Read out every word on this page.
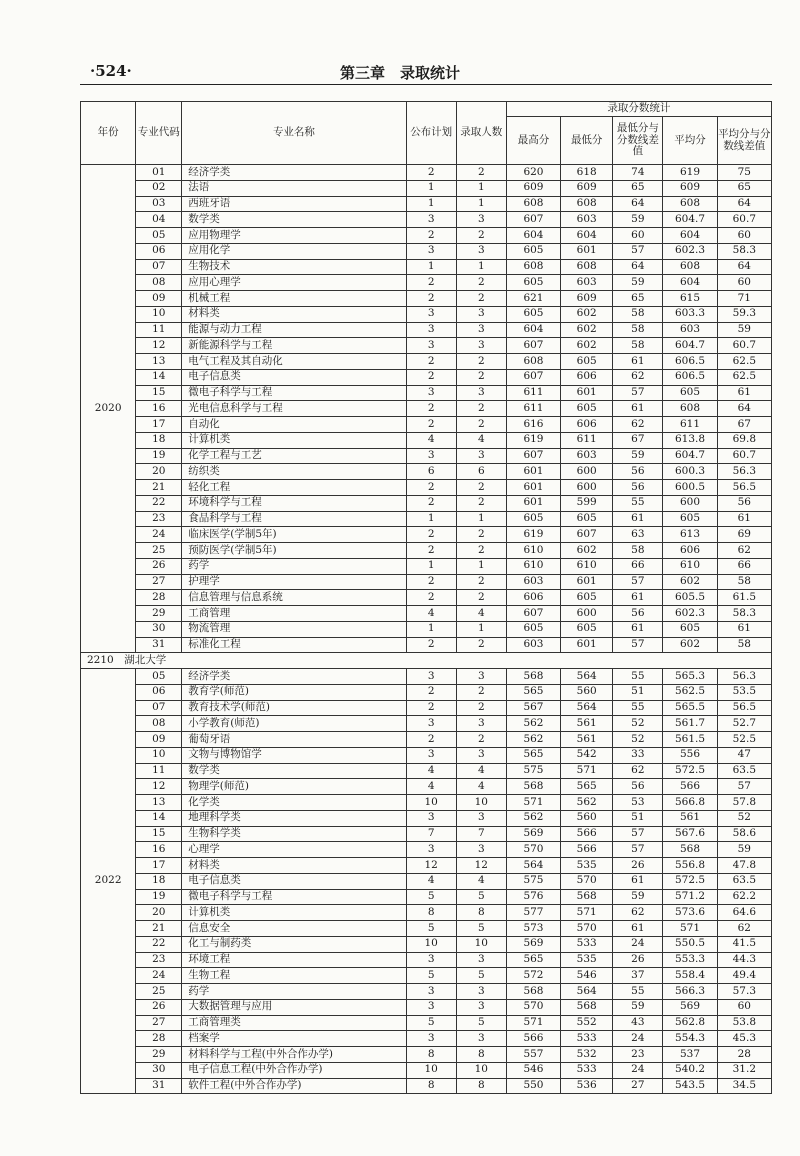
·524·	第三章　录取统计
年份	专业代码	专业名称	公布计划	录取人数	录取分数统计				
					最高分	最低分	最低分与分数线差值	平均分	平均分与分数线差值
2020	01	经济学类	2	2	620	618	74	619	75
	02	法语	1	1	609	609	65	609	65
	03	西班牙语	1	1	608	608	64	608	64
	04	数学类	3	3	607	603	59	604.7	60.7
	05	应用物理学	2	2	604	604	60	604	60
	06	应用化学	3	3	605	601	57	602.3	58.3
	07	生物技术	1	1	608	608	64	608	64
	08	应用心理学	2	2	605	603	59	604	60
	09	机械工程	2	2	621	609	65	615	71
	10	材料类	3	3	605	602	58	603.3	59.3
	11	能源与动力工程	3	3	604	602	58	603	59
	12	新能源科学与工程	3	3	607	602	58	604.7	60.7
	13	电气工程及其自动化	2	2	608	605	61	606.5	62.5
	14	电子信息类	2	2	607	606	62	606.5	62.5
	15	微电子科学与工程	3	3	611	601	57	605	61
	16	光电信息科学与工程	2	2	611	605	61	608	64
	17	自动化	2	2	616	606	62	611	67
	18	计算机类	4	4	619	611	67	613.8	69.8
	19	化学工程与工艺	3	3	607	603	59	604.7	60.7
	20	纺织类	6	6	601	600	56	600.3	56.3
	21	轻化工程	2	2	601	600	56	600.5	56.5
	22	环境科学与工程	2	2	601	599	55	600	56
	23	食品科学与工程	1	1	605	605	61	605	61
	24	临床医学(学制5年)	2	2	619	607	63	613	69
	25	预防医学(学制5年)	2	2	610	602	58	606	62
	26	药学	1	1	610	610	66	610	66
	27	护理学	2	2	603	601	57	602	58
	28	信息管理与信息系统	2	2	606	605	61	605.5	61.5
	29	工商管理	4	4	607	600	56	602.3	58.3
	30	物流管理	1	1	605	605	61	605	61
	31	标准化工程	2	2	603	601	57	602	58
2210　湖北大学									
2022	05	经济学类	3	3	568	564	55	565.3	56.3
	06	教育学(师范)	2	2	565	560	51	562.5	53.5
	07	教育技术学(师范)	2	2	567	564	55	565.5	56.5
	08	小学教育(师范)	3	3	562	561	52	561.7	52.7
	09	葡萄牙语	2	2	562	561	52	561.5	52.5
	10	文物与博物馆学	3	3	565	542	33	556	47
	11	数学类	4	4	575	571	62	572.5	63.5
	12	物理学(师范)	4	4	568	565	56	566	57
	13	化学类	10	10	571	562	53	566.8	57.8
	14	地理科学类	3	3	562	560	51	561	52
	15	生物科学类	7	7	569	566	57	567.6	58.6
	16	心理学	3	3	570	566	57	568	59
	17	材料类	12	12	564	535	26	556.8	47.8
	18	电子信息类	4	4	575	570	61	572.5	63.5
	19	微电子科学与工程	5	5	576	568	59	571.2	62.2
	20	计算机类	8	8	577	571	62	573.6	64.6
	21	信息安全	5	5	573	570	61	571	62
	22	化工与制药类	10	10	569	533	24	550.5	41.5
	23	环境工程	3	3	565	535	26	553.3	44.3
	24	生物工程	5	5	572	546	37	558.4	49.4
	25	药学	3	3	568	564	55	566.3	57.3
	26	大数据管理与应用	3	3	570	568	59	569	60
	27	工商管理类	5	5	571	552	43	562.8	53.8
	28	档案学	3	3	566	533	24	554.3	45.3
	29	材料科学与工程(中外合作办学)	8	8	557	532	23	537	28
	30	电子信息工程(中外合作办学)	10	10	546	533	24	540.2	31.2
	31	软件工程(中外合作办学)	8	8	550	536	27	543.5	34.5
